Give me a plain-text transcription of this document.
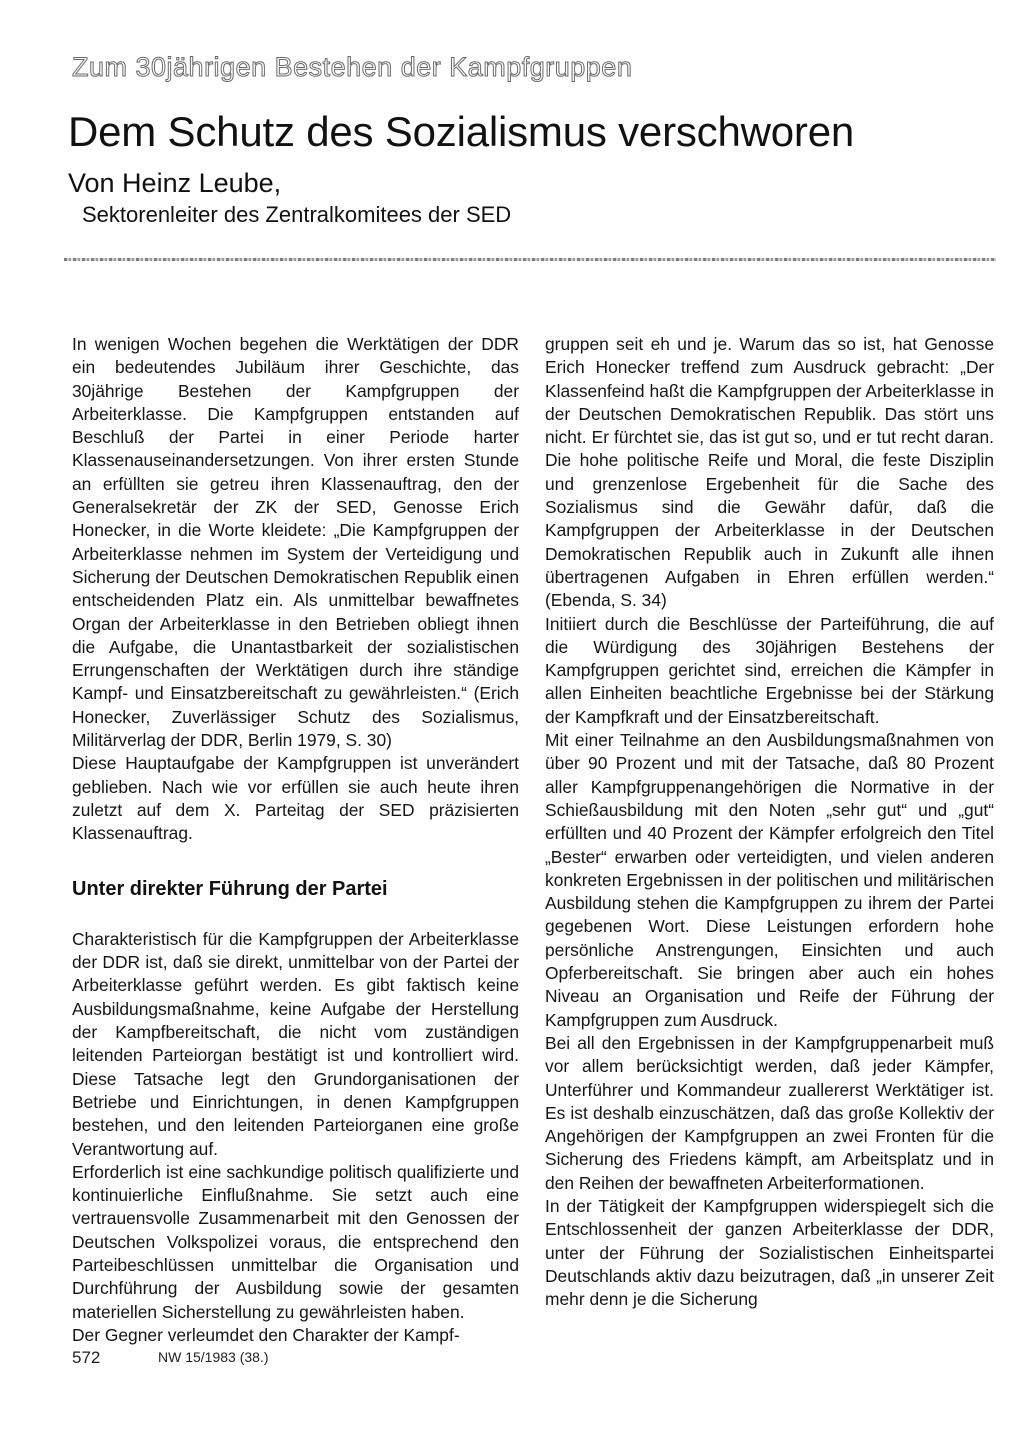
Zum 30jährigen Bestehen der Kampfgruppen
Dem Schutz des Sozialismus verschworen
Von Heinz Leube,
Sektorenleiter des Zentralkomitees der SED

In wenigen Wochen begehen die Werktätigen der DDR ein bedeutendes Jubiläum ihrer Geschichte, das 30jährige Bestehen der Kampfgruppen der Arbeiterklasse. Die Kampfgruppen entstanden auf Beschluß der Partei in einer Periode harter Klassenauseinandersetzungen. Von ihrer ersten Stunde an erfüllten sie getreu ihren Klassenauftrag, den der Generalsekretär der ZK der SED, Genosse Erich Honecker, in die Worte kleidete: „Die Kampfgruppen der Arbeiterklasse nehmen im System der Verteidigung und Sicherung der Deutschen Demokratischen Republik einen entscheidenden Platz ein. Als unmittelbar bewaffnetes Organ der Arbeiterklasse in den Betrieben obliegt ihnen die Aufgabe, die Unantastbarkeit der sozialistischen Errungenschaften der Werktätigen durch ihre ständige Kampf- und Einsatzbereitschaft zu gewährleisten.“ (Erich Honecker, Zuverlässiger Schutz des Sozialismus, Militärverlag der DDR, Berlin 1979, S. 30)

Diese Hauptaufgabe der Kampfgruppen ist unverändert geblieben. Nach wie vor erfüllen sie auch heute ihren zuletzt auf dem X. Parteitag der SED präzisierten Klassenauftrag.

Unter direkter Führung der Partei

Charakteristisch für die Kampfgruppen der Arbeiterklasse der DDR ist, daß sie direkt, unmittelbar von der Partei der Arbeiterklasse geführt werden. Es gibt faktisch keine Ausbildungsmaßnahme, keine Aufgabe der Herstellung der Kampfbereitschaft, die nicht vom zuständigen leitenden Parteiorgan bestätigt ist und kontrolliert wird. Diese Tatsache legt den Grundorganisationen der Betriebe und Einrichtungen, in denen Kampfgruppen bestehen, und den leitenden Parteiorganen eine große Verantwortung auf.

Erforderlich ist eine sachkundige politisch qualifizierte und kontinuierliche Einflußnahme. Sie setzt auch eine vertrauensvolle Zusammenarbeit mit den Genossen der Deutschen Volkspolizei voraus, die entsprechend den Parteibeschlüssen unmittelbar die Organisation und Durchführung der Ausbildung sowie der gesamten materiellen Sicherstellung zu gewährleisten haben.

Der Gegner verleumdet den Charakter der Kampf-

gruppen seit eh und je. Warum das so ist, hat Genosse Erich Honecker treffend zum Ausdruck gebracht: „Der Klassenfeind haßt die Kampfgruppen der Arbeiterklasse in der Deutschen Demokratischen Republik. Das stört uns nicht. Er fürchtet sie, das ist gut so, und er tut recht daran. Die hohe politische Reife und Moral, die feste Disziplin und grenzenlose Ergebenheit für die Sache des Sozialismus sind die Gewähr dafür, daß die Kampfgruppen der Arbeiterklasse in der Deutschen Demokratischen Republik auch in Zukunft alle ihnen übertragenen Aufgaben in Ehren erfüllen werden.“ (Ebenda, S. 34)

Initiiert durch die Beschlüsse der Parteiführung, die auf die Würdigung des 30jährigen Bestehens der Kampfgruppen gerichtet sind, erreichen die Kämpfer in allen Einheiten beachtliche Ergebnisse bei der Stärkung der Kampfkraft und der Einsatzbereitschaft.

Mit einer Teilnahme an den Ausbildungsmaßnahmen von über 90 Prozent und mit der Tatsache, daß 80 Prozent aller Kampfgruppenangehörigen die Normative in der Schießausbildung mit den Noten „sehr gut“ und „gut“ erfüllten und 40 Prozent der Kämpfer erfolgreich den Titel „Bester“ erwarben oder verteidigten, und vielen anderen konkreten Ergebnissen in der politischen und militärischen Ausbildung stehen die Kampfgruppen zu ihrem der Partei gegebenen Wort. Diese Leistungen erfordern hohe persönliche Anstrengungen, Einsichten und auch Opferbereitschaft. Sie bringen aber auch ein hohes Niveau an Organisation und Reife der Führung der Kampfgruppen zum Ausdruck.

Bei all den Ergebnissen in der Kampfgruppenarbeit muß vor allem berücksichtigt werden, daß jeder Kämpfer, Unterführer und Kommandeur zuallererst Werktätiger ist. Es ist deshalb einzuschätzen, daß das große Kollektiv der Angehörigen der Kampfgruppen an zwei Fronten für die Sicherung des Friedens kämpft, am Arbeitsplatz und in den Reihen der bewaffneten Arbeiterformationen.

In der Tätigkeit der Kampfgruppen widerspiegelt sich die Entschlossenheit der ganzen Arbeiterklasse der DDR, unter der Führung der Sozialistischen Einheitspartei Deutschlands aktiv dazu beizutragen, daß „in unserer Zeit mehr denn je die Sicherung

572	NW 15/1983 (38.)
